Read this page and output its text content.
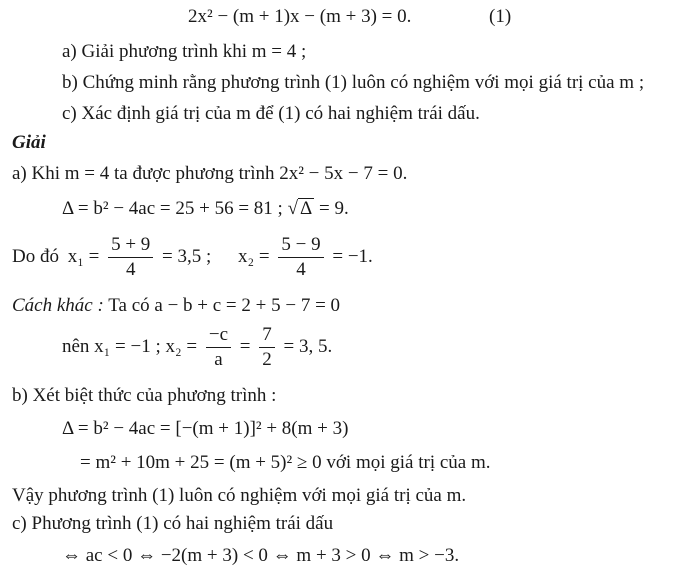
2x² − (m + 1)x − (m + 3) = 0.	(1)
a) Giải phương trình khi m = 4 ;
b) Chứng minh rằng phương trình (1) luôn có nghiệm với mọi giá trị của m ;
c) Xác định giá trị của m để (1) có hai nghiệm trái dấu.
Giải
a) Khi m = 4 ta được phương trình 2x² − 5x − 7 = 0.
Δ = b² − 4ac = 25 + 56 = 81 ; √ Δ = 9.
Do đó $x_1 = \frac{5 + 9}{4} = 3,5$ ; $x_2 = \frac{5 - 9}{4} = -1$.
Cách khác : Ta có a − b + c = 2 + 5 − 7 = 0
nên x₁ = −1 ; $x_2 = \frac{-c}{a} = \frac{7}{2} = 3$, 5.
b) Xét biệt thức của phương trình :
Δ = b² − 4ac = [−(m + 1)]² + 8(m + 3)
= m² + 10m + 25 = (m + 5)² ≥ 0 với mọi giá trị của m.
Vậy phương trình (1) luôn có nghiệm với mọi giá trị của m.
c) Phương trình (1) có hai nghiệm trái dấu
⇔ ac < 0 ⇔ −2(m + 3) < 0 ⇔ m + 3 > 0 ⇔ m > −3.
